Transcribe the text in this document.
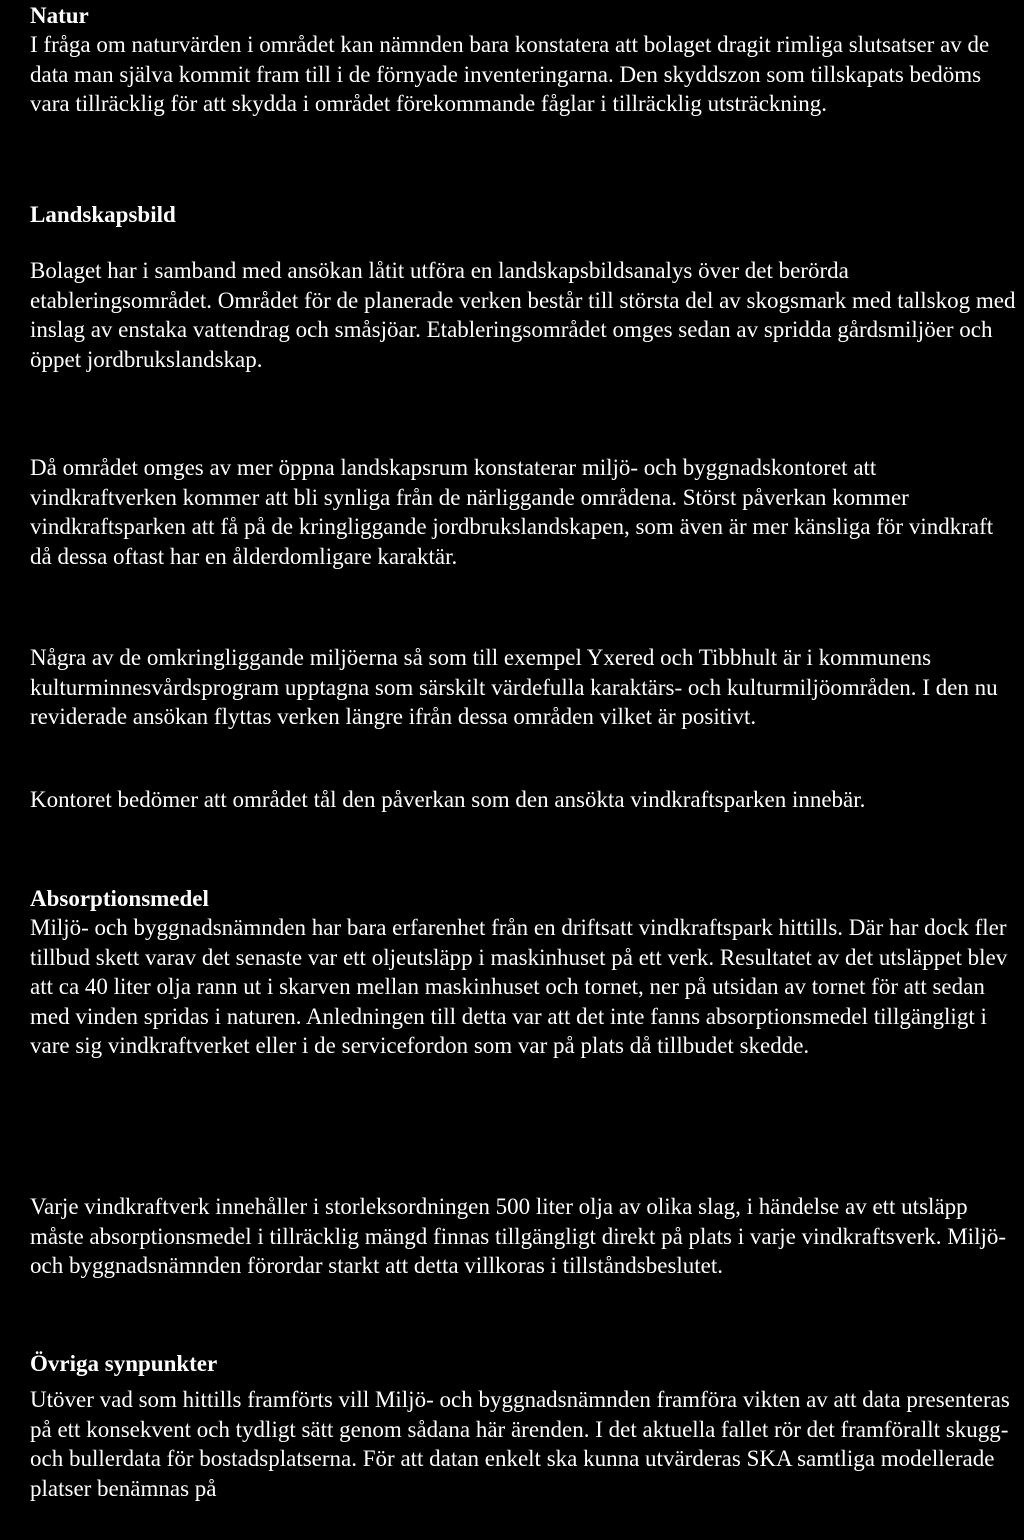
Natur

I fråga om naturvärden i området kan nämnden bara konstatera att bolaget dragit rimliga slutsatser av de data man själva kommit fram till i de förnyade inventeringarna. Den skyddszon som tillskapats bedöms vara tillräcklig för att skydda i området förekommande fåglar i tillräcklig utsträckning.

Landskapsbild

Bolaget har i samband med ansökan låtit utföra en landskapsbildsanalys över det berörda etableringsområdet. Området för de planerade verken består till största del av skogsmark med tallskog med inslag av enstaka vattendrag och småsjöar. Etableringsområdet omges sedan av spridda gårdsmiljöer och öppet jordbrukslandskap.

Då området omges av mer öppna landskapsrum konstaterar miljö- och byggnadskontoret att vindkraftverken kommer att bli synliga från de närliggande områdena. Störst påverkan kommer vindkraftsparken att få på de kringliggande jordbrukslandskapen, som även är mer känsliga för vindkraft då dessa oftast har en ålderdomligare karaktär.

Några av de omkringliggande miljöerna så som till exempel Yxered och Tibbhult är i kommunens kulturminnesvårdsprogram upptagna som särskilt värdefulla karaktärs- och kulturmiljöområden. I den nu reviderade ansökan flyttas verken längre ifrån dessa områden vilket är positivt.

Kontoret bedömer att området tål den påverkan som den ansökta vindkraftsparken innebär.

Absorptionsmedel

Miljö- och byggnadsnämnden har bara erfarenhet från en driftsatt vindkraftspark hittills. Där har dock fler tillbud skett varav det senaste var ett oljeutsläpp i maskinhuset på ett verk. Resultatet av det utsläppet blev att ca 40 liter olja rann ut i skarven mellan maskinhuset och tornet, ner på utsidan av tornet för att sedan med vinden spridas i naturen. Anledningen till detta var att det inte fanns absorptionsmedel tillgängligt i vare sig vindkraftverket eller i de servicefordon som var på plats då tillbudet skedde.

Varje vindkraftverk innehåller i storleksordningen 500 liter olja av olika slag, i händelse av ett utsläpp måste absorptionsmedel i tillräcklig mängd finnas tillgängligt direkt på plats i varje vindkraftsverk. Miljö- och byggnadsnämnden förordar starkt att detta villkoras i tillståndsbeslutet.

Övriga synpunkter

Utöver vad som hittills framförts vill Miljö- och byggnadsnämnden framföra vikten av att data presenteras på ett konsekvent och tydligt sätt genom sådana här ärenden. I det aktuella fallet rör det framförallt skugg- och bullerdata för bostadsplatserna. För att datan enkelt ska kunna utvärderas SKA samtliga modellerade platser benämnas på
